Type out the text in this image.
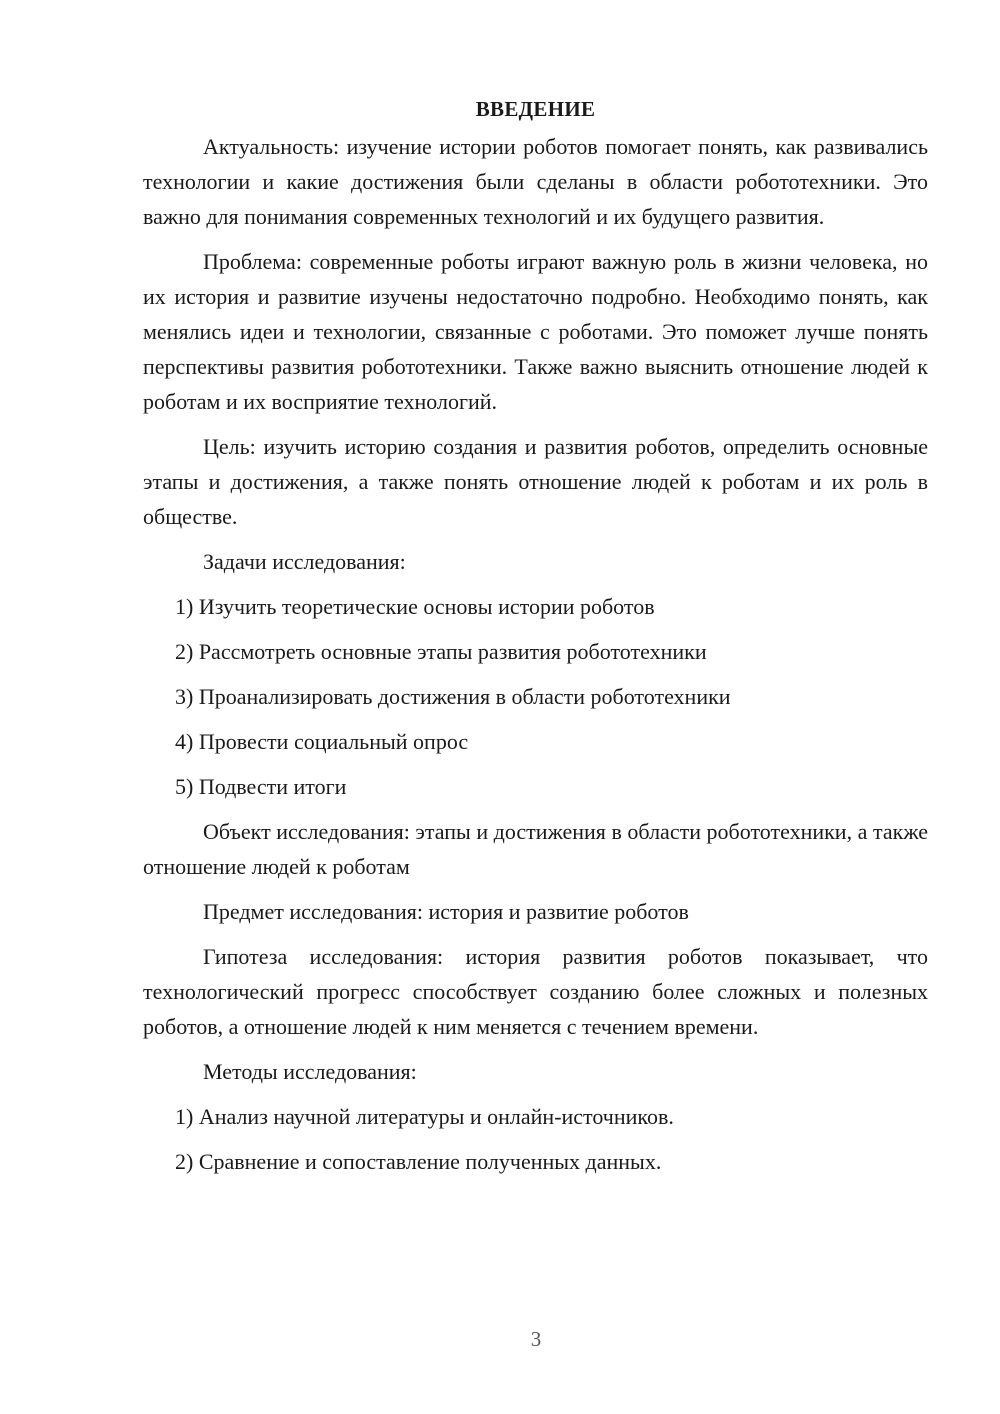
ВВЕДЕНИЕ

Актуальность: изучение истории роботов помогает понять, как развивались технологии и какие достижения были сделаны в области робототехники. Это важно для понимания современных технологий и их будущего развития.

Проблема: современные роботы играют важную роль в жизни человека, но их история и развитие изучены недостаточно подробно. Необходимо понять, как менялись идеи и технологии, связанные с роботами. Это поможет лучше понять перспективы развития робототехники. Также важно выяснить отношение людей к роботам и их восприятие технологий.

Цель: изучить историю создания и развития роботов, определить основные этапы и достижения, а также понять отношение людей к роботам и их роль в обществе.

Задачи исследования:

1) Изучить теоретические основы истории роботов
2) Рассмотреть основные этапы развития робототехники
3) Проанализировать достижения в области робототехники
4) Провести социальный опрос
5) Подвести итоги

Объект исследования: этапы и достижения в области робототехники, а также отношение людей к роботам

Предмет исследования: история и развитие роботов

Гипотеза исследования: история развития роботов показывает, что технологический прогресс способствует созданию более сложных и полезных роботов, а отношение людей к ним меняется с течением времени.

Методы исследования:

1) Анализ научной литературы и онлайн-источников.
2) Сравнение и сопоставление полученных данных.
3
